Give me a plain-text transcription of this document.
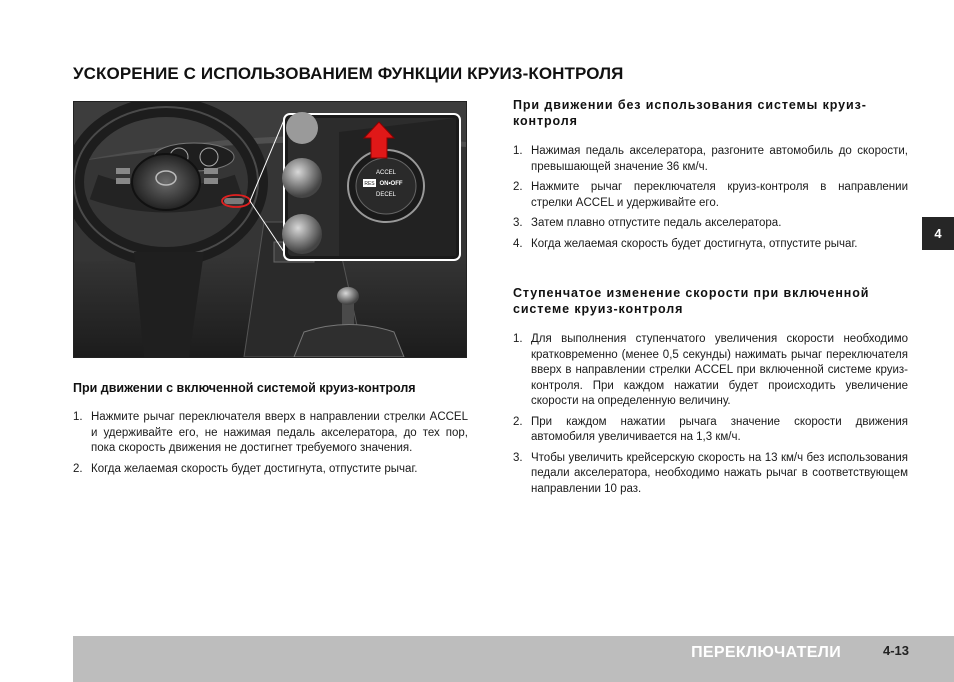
УСКОРЕНИЕ С ИСПОЛЬЗОВАНИЕМ ФУНКЦИИ КРУИЗ-КОНТРОЛЯ
ACCEL
RES ON•OFF
DECEL
При движении с включенной системой круиз-контроля
1. Нажмите рычаг переключателя вверх в направлении стрелки ACCEL и удерживайте его, не нажимая педаль акселератора, до тех пор, пока скорость движения не достигнет требуемого значения.
2. Когда желаемая скорость будет достигнута, отпустите рычаг.
При движении без использования системы круиз-контроля
1. Нажимая педаль акселератора, разгоните автомобиль до скорости, превышающей значение 36 км/ч.
2. Нажмите рычаг переключателя круиз-контроля в направлении стрелки ACCEL и удерживайте его.
3. Затем плавно отпустите педаль акселератора.
4. Когда желаемая скорость будет достигнута, отпустите рычаг.
Ступенчатое изменение скорости при включенной системе круиз-контроля
1. Для выполнения ступенчатого увеличения скорости необходимо кратковременно (менее 0,5 секунды) нажимать рычаг переключателя вверх в направлении стрелки ACCEL при включенной системе круиз-контроля. При каждом нажатии будет происходить увеличение скорости на определенную величину.
2. При каждом нажатии рычага значение скорости движения автомобиля увеличивается на 1,3 км/ч.
3. Чтобы увеличить крейсерскую скорость на 13 км/ч без использования педали акселератора, необходимо нажать рычаг в соответствующем направлении 10 раз.
4
ПЕРЕКЛЮЧАТЕЛИ	4-13
